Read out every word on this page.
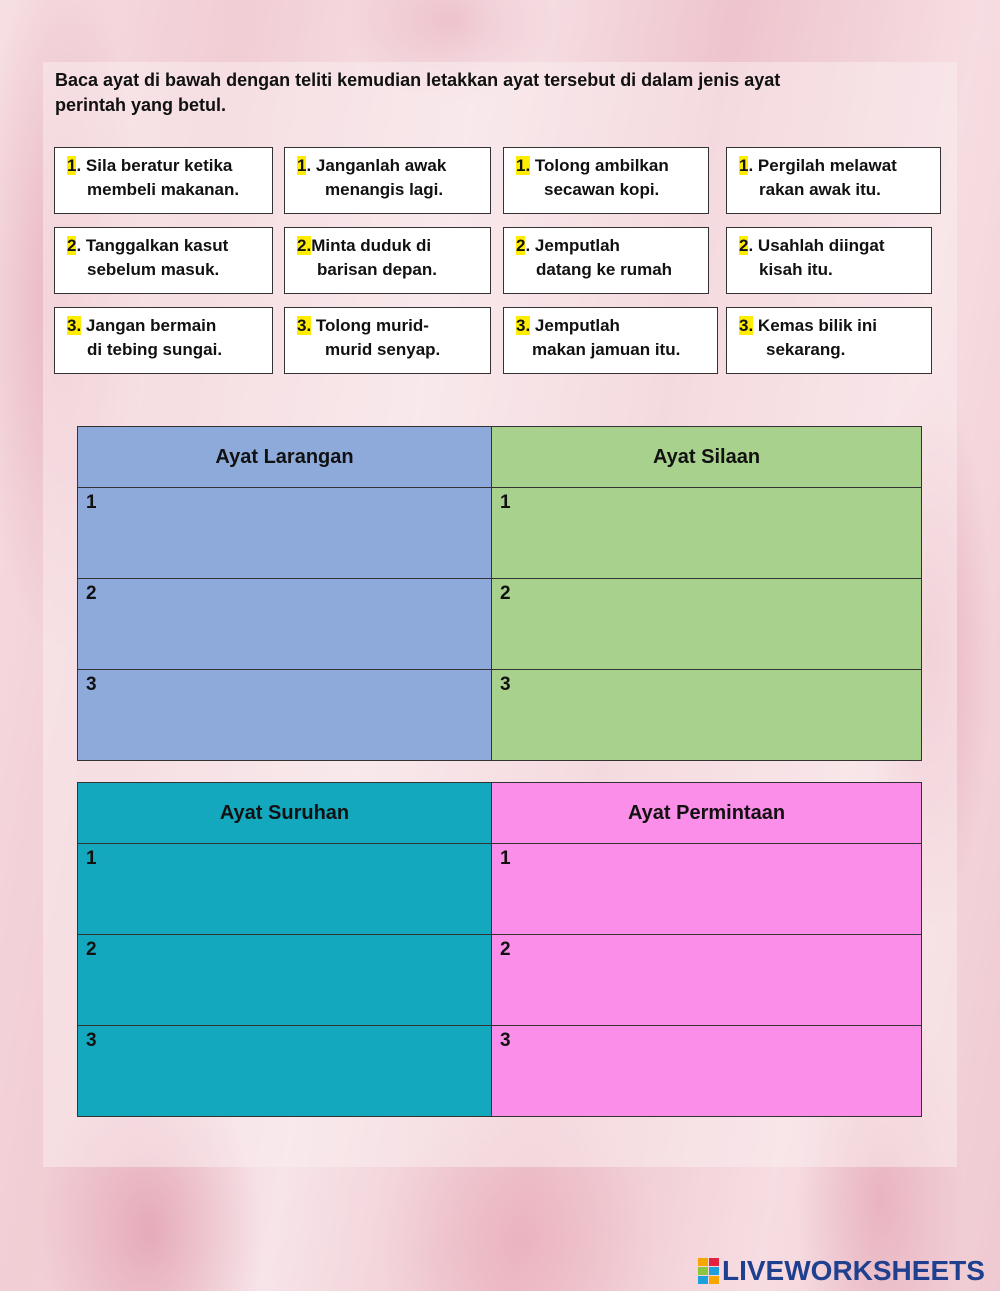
Baca ayat di bawah dengan teliti kemudian letakkan ayat tersebut di dalam jenis ayat
perintah yang betul.
1. Sila beratur ketika
membeli makanan.
1. Janganlah awak
menangis lagi.
1. Tolong ambilkan
secawan kopi.
1. Pergilah melawat
rakan awak itu.
2. Tanggalkan kasut
sebelum masuk.
2.Minta duduk di
barisan depan.
2. Jemputlah
datang ke rumah
2. Usahlah diingat
kisah itu.
3. Jangan bermain
di tebing sungai.
3. Tolong murid-
murid senyap.
3. Jemputlah
makan jamuan itu.
3. Kemas bilik ini
sekarang.
Ayat Larangan	Ayat Silaan
1	1
2	2
3	3
Ayat Suruhan	Ayat Permintaan
1	1
2	2
3	3
LIVEWORKSHEETS
